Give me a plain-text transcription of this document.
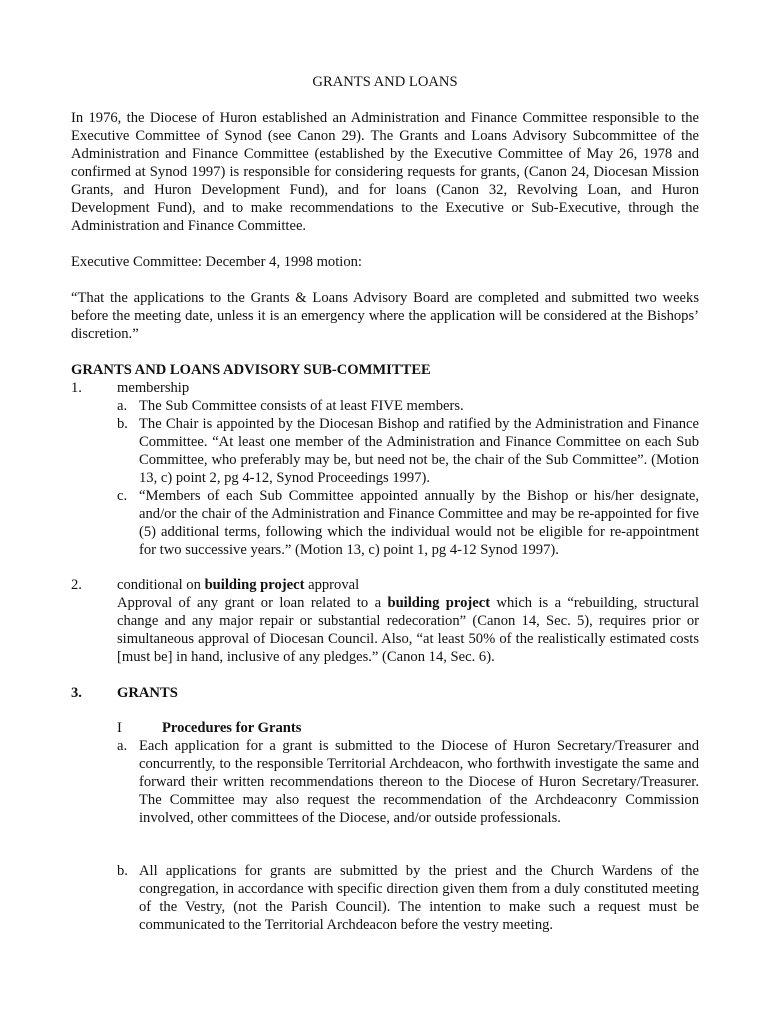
GRANTS AND LOANS
In 1976, the Diocese of Huron established an Administration and Finance Committee responsible to the Executive Committee of Synod (see Canon 29). The Grants and Loans Advisory Subcommittee of the Administration and Finance Committee (established by the Executive Committee of May 26, 1978 and confirmed at Synod 1997) is responsible for considering requests for grants, (Canon 24, Diocesan Mission Grants, and Huron Development Fund), and for loans (Canon 32, Revolving Loan, and Huron Development Fund), and to make recommendations to the Executive or Sub-Executive, through the Administration and Finance Committee.
Executive Committee: December 4, 1998 motion:
“That the applications to the Grants & Loans Advisory Board are completed and submitted two weeks before the meeting date, unless it is an emergency where the application will be considered at the Bishops’ discretion.”
GRANTS AND LOANS ADVISORY SUB-COMMITTEE
1. membership
a. The Sub Committee consists of at least FIVE members.
b. The Chair is appointed by the Diocesan Bishop and ratified by the Administration and Finance Committee. “At least one member of the Administration and Finance Committee on each Sub Committee, who preferably may be, but need not be, the chair of the Sub Committee”. (Motion 13, c) point 2, pg 4-12, Synod Proceedings 1997).
c. “Members of each Sub Committee appointed annually by the Bishop or his/her designate, and/or the chair of the Administration and Finance Committee and may be re-appointed for five (5) additional terms, following which the individual would not be eligible for re-appointment for two successive years.” (Motion 13, c) point 1, pg 4-12 Synod 1997).
2. conditional on building project approval
Approval of any grant or loan related to a building project which is a “rebuilding, structural change and any major repair or substantial redecoration” (Canon 14, Sec. 5), requires prior or simultaneous approval of Diocesan Council. Also, “at least 50% of the realistically estimated costs [must be] in hand, inclusive of any pledges.” (Canon 14, Sec. 6).
3. GRANTS
I	Procedures for Grants
a. Each application for a grant is submitted to the Diocese of Huron Secretary/Treasurer and concurrently, to the responsible Territorial Archdeacon, who forthwith investigate the same and forward their written recommendations thereon to the Diocese of Huron Secretary/Treasurer. The Committee may also request the recommendation of the Archdeaconry Commission involved, other committees of the Diocese, and/or outside professionals.
b. All applications for grants are submitted by the priest and the Church Wardens of the congregation, in accordance with specific direction given them from a duly constituted meeting of the Vestry, (not the Parish Council). The intention to make such a request must be communicated to the Territorial Archdeacon before the vestry meeting.
